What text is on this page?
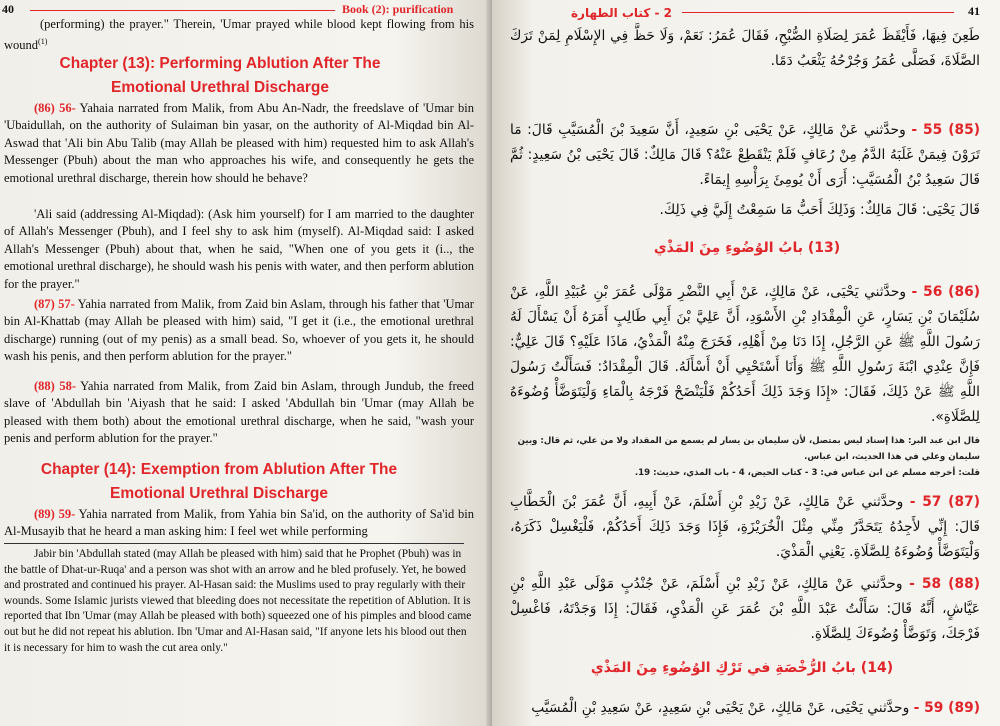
40	Book (2): purification
(performing) the prayer." Therein, 'Umar prayed while blood kept flowing from his wound$^{(1)}$
Chapter (13): Performing Ablution After The Emotional Urethral Discharge
(86) 56- Yahaia narrated from Malik, from Abu An-Nadr, the freedslave of 'Umar bin 'Ubaidullah, on the authority of Sulaiman bin yasar, on the authority of Al-Miqdad bin Al-Aswad that 'Ali bin Abu Talib (may Allah be pleased with him) requested him to ask Allah's Messenger (Pbuh) about the man who approaches his wife, and consequently he gets the emotional urethral discharge, therein how should he behave?
'Ali said (addressing Al-Miqdad): (Ask him yourself) for I am married to the daughter of Allah's Messenger (Pbuh), and I feel shy to ask him (myself). Al-Miqdad said: I asked Allah's Messenger (Pbuh) about that, when he said, "When one of you gets it (i.., the emotional urethral discharge), he should wash his penis with water, and then perform ablution for the prayer."
(87) 57- Yahia narrated from Malik, from Zaid bin Aslam, through his father that 'Umar bin Al-Khattab (may Allah be pleased with him) said, "I get it (i.e., the emotional urethral discharge) running (out of my penis) as a small bead. So, whoever of you gets it, he should wash his penis, and then perform ablution for the prayer."
(88) 58- Yahia narrated from Malik, from Zaid bin Aslam, through Jundub, the freed slave of 'Abdullah bin 'Aiyash that he said: I asked 'Abdullah bin 'Umar (may Allah be pleased with them both) about the emotional urethral discharge, when he said, "wash your penis and perform ablution for the prayer."
Chapter (14): Exemption from Ablution After The Emotional Urethral Discharge
(89) 59- Yahia narrated from Malik, from Yahia bin Sa'id, on the authority of Sa'id bin Al-Musayib that he heard a man asking him: I feel wet while performing
Jabir bin 'Abdullah stated (may Allah be pleased with him) said that he Prophet (Pbuh) was in the battle of Dhat-ur-Ruqa' and a person was shot with an arrow and he bled profusely. Yet, he bowed and prostrated and continued his prayer. Al-Hasan said: the Muslims used to pray regularly with their wounds. Some Islamic jurists viewed that bleeding does not necessitate the repetition of Ablution. It is reported that Ibn 'Umar (may Allah be pleased with both) squeezed one of his pimples and blood came out but he did not repeat his ablution. Ibn 'Umar and Al-Hasan said, "If anyone lets his blood out then it is necessary for him to wash the cut area only."
2 - كتاب الطهارة	41
طَعِنَ فِيهَا، فَأَيْقَظَ عُمَرَ لِصَلَاةِ الصُّبْحِ، فَقَالَ عُمَرُ: نَعَمْ، وَلَا حَظَّ فِي الإِسْلَامِ لِمَنْ تَرَكَ الصَّلَاةَ، فَصَلَّى عُمَرُ وَجُرْحُهُ يَثْعَبُ دَمًا.
(85) 55 - وحدَّثني عَنْ مَالِكٍ، عَنْ يَحْيَى بْنِ سَعِيدٍ، أَنَّ سَعِيدَ بْنَ الْمُسَيَّبِ قَالَ: مَا تَرَوْنَ فِيمَنْ غَلَبَهُ الدَّمُ مِنْ رُعَافٍ فَلَمْ يَنْقَطِعْ عَنْهُ؟ قَالَ مَالِكٌ: قَالَ يَحْيَى بْنُ سَعِيدٍ: ثُمَّ قَالَ سَعِيدُ بْنُ الْمُسَيَّبِ: أَرَى أَنْ يُومِئَ بِرَأْسِهِ إِيمَاءً.
قَالَ يَحْيَى: قَالَ مَالِكٌ: وَذَلِكَ أَحَبُّ مَا سَمِعْتُ إِلَيَّ فِي ذَلِكَ.
(13) بابُ الوُضُوءِ مِنَ المَذْي
(86) 56 - وحدَّثني يَحْيَى، عَنْ مَالِكٍ، عَنْ أَبِي النَّضْرِ مَوْلَى عُمَرَ بْنِ عُبَيْدِ اللَّهِ، عَنْ سُلَيْمَانَ بْنِ يَسَارٍ، عَنِ الْمِقْدَادِ بْنِ الأَسْوَدِ، أَنَّ عَلِيَّ بْنَ أَبِي طَالِبٍ أَمَرَهُ أَنْ يَسْأَلَ لَهُ رَسُولَ اللَّهِ ﷺ عَنِ الرَّجُلِ، إِذَا دَنَا مِنْ أَهْلِهِ، فَخَرَجَ مِنْهُ الْمَذْيُ، مَاذَا عَلَيْهِ؟ قَالَ عَلِيٌّ: فَإِنَّ عِنْدِي ابْنَةَ رَسُولِ اللَّهِ ﷺ وَأَنَا أَسْتَحْيِي أَنْ أَسْأَلَهُ. قَالَ الْمِقْدَادُ: فَسَأَلْتُ رَسُولَ اللَّهِ ﷺ عَنْ ذَلِكَ، فَقَالَ: «إِذَا وَجَدَ ذَلِكَ أَحَدُكُمْ فَلْيَنْضَحْ فَرْجَهُ بِالْمَاءِ وَلْيَتَوَضَّأْ وُضُوءَهُ لِلصَّلَاةِ».
قال ابن عبد البر: هذا إسناد ليس بمتصل، لأن سليمان بن يسار لم يسمع من المقداد ولا من علي، ثم قال: وبين سليمان وعلي في هذا الحديث، ابن عباس.
قلت: أخرجه مسلم عن ابن عباس في: 3 - كتاب الحيض، 4 - باب المذي، حديث: 19.
(87) 57 - وحدَّثني عَنْ مَالِكٍ، عَنْ زَيْدِ بْنِ أَسْلَمَ، عَنْ أَبِيهِ، أَنَّ عُمَرَ بْنَ الْخَطَّابِ قَالَ: إِنِّي لأَجِدُهُ يَتَحَدَّرُ مِنِّي مِثْلَ الْخُرَيْزَةِ، فَإِذَا وَجَدَ ذَلِكَ أَحَدُكُمْ، فَلْيَغْسِلْ ذَكَرَهُ، وَلْيَتَوَضَّأْ وُضُوءَهُ لِلصَّلَاةِ. يَعْنِي الْمَذْيَ.
(88) 58 - وحدَّثني عَنْ مَالِكٍ، عَنْ زَيْدِ بْنِ أَسْلَمَ، عَنْ جُنْدُبٍ مَوْلَى عَبْدِ اللَّهِ بْنِ عَيَّاشٍ، أَنَّهُ قَالَ: سَأَلْتُ عَبْدَ اللَّهِ بْنَ عُمَرَ عَنِ الْمَذْيِ، فَقَالَ: إِذَا وَجَدْتَهُ، فَاغْسِلْ فَرْجَكَ، وَتَوَضَّأْ وُضُوءَكَ لِلصَّلَاةِ.
(14) بابُ الرُّخْصَةِ في تَرْكِ الوُضُوءِ مِنَ المَذْي
(89) 59 - وحدَّثني يَحْيَى، عَنْ مَالِكٍ، عَنْ يَحْيَى بْنِ سَعِيدٍ، عَنْ سَعِيدِ بْنِ الْمُسَيَّبِ
